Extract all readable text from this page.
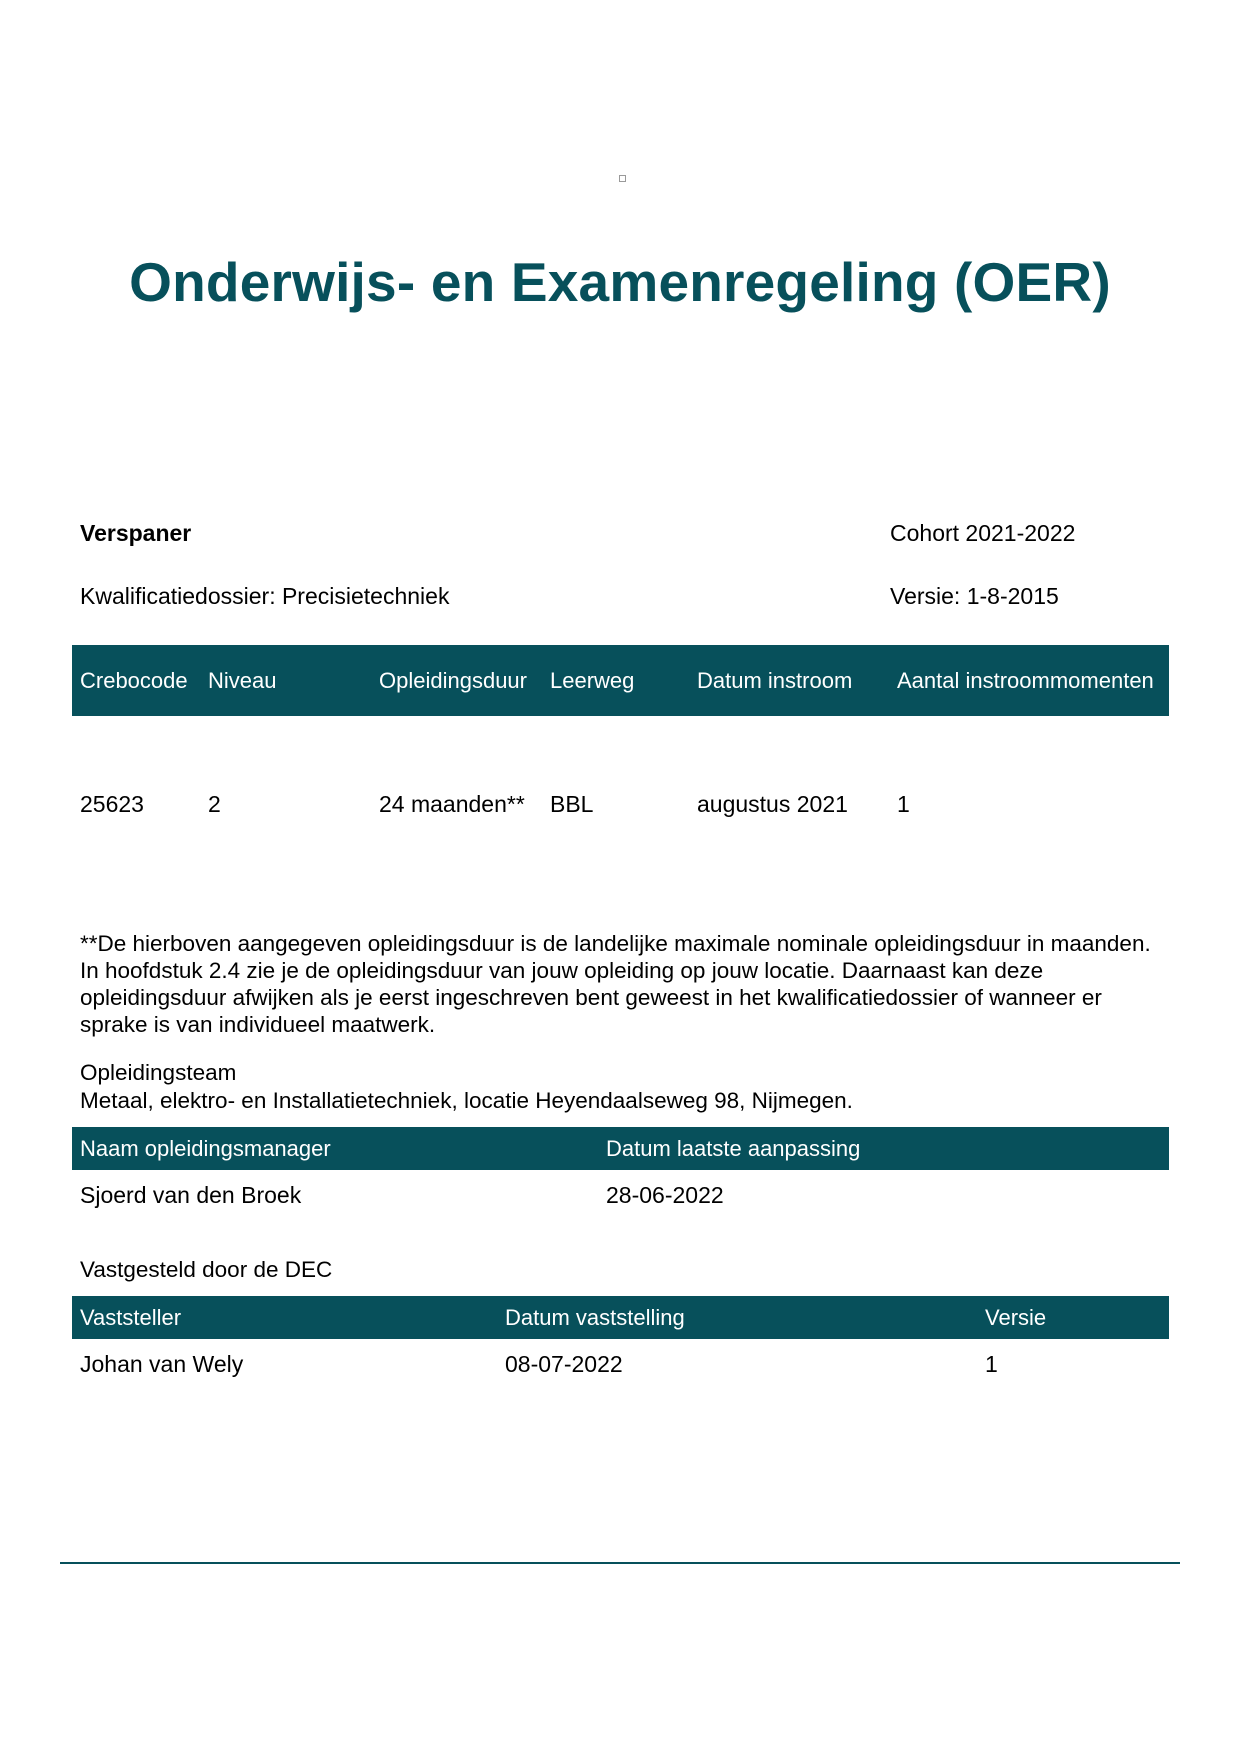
Onderwijs- en Examenregeling (OER)
Verspaner	Cohort 2021-2022
Kwalificatiedossier: Precisietechniek	Versie: 1-8-2015
Crebocode	Niveau	Opleidingsduur	Leerweg	Datum instroom	Aantal instroommomenten
25623	2	24 maanden**	BBL	augustus 2021	1

**De hierboven aangegeven opleidingsduur is de landelijke maximale nominale opleidingsduur in maanden. In hoofdstuk 2.4 zie je de opleidingsduur van jouw opleiding op jouw locatie. Daarnaast kan deze opleidingsduur afwijken als je eerst ingeschreven bent geweest in het kwalificatiedossier of wanneer er sprake is van individueel maatwerk.

Opleidingsteam

Metaal, elektro- en Installatietechniek, locatie Heyendaalseweg 98, Nijmegen.

Naam opleidingsmanager	Datum laatste aanpassing
Sjoerd van den Broek	28-06-2022

Vastgesteld door de DEC

Vaststeller	Datum vaststelling	Versie
Johan van Wely	08-07-2022	1
